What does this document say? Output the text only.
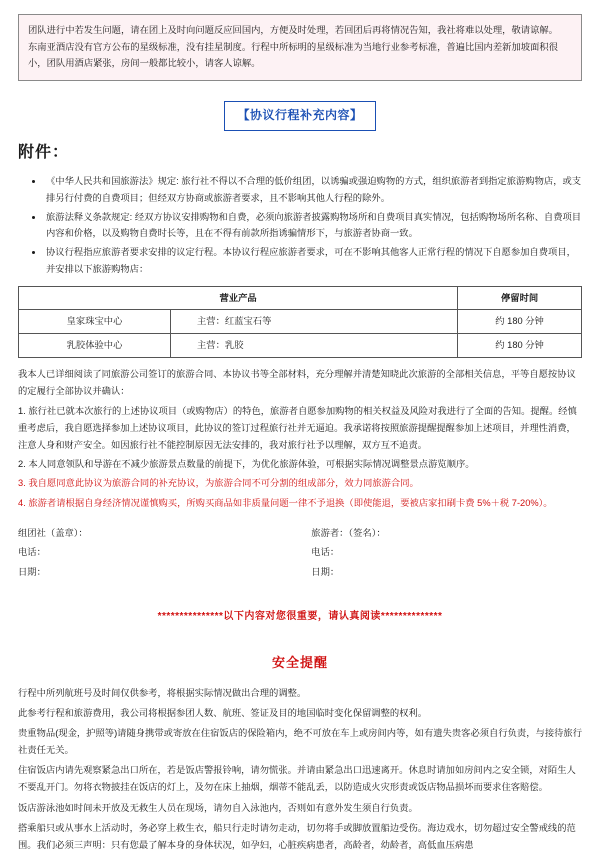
团队进行中若发生问题，请在团上及时向问题反应回国内，方便及时处理，若回团后再将情况告知，我社将难以处理，敬请谅解。

东南亚酒店没有官方公布的星级标准，没有挂星制度。行程中所标明的星级标准为当地行业参考标准，普遍比国内差新加坡面积很小，团队用酒店紧张，房间一般都比较小，请客人谅解。

【协议行程补充内容】
附件：
• 《中华人民共和国旅游法》规定: 旅行社不得以不合理的低价组团，以诱骗或强迫购物的方式，组织旅游者到指定旅游购物店，或支排另行付费的自费项目；但经双方协商或旅游者要求，且不影响其他人行程的除外。
• 旅游法释义条款规定: 经双方协议安排购物和自费，必须向旅游者披露购物场所和自费项目真实情况，包括购物场所名称、自费项目内容和价格，以及购物自费时长等，且在不得有前款所指诱骗情形下，与旅游者协商一致。
• 协议行程指应旅游者要求安排的议定行程。本协议行程应旅游者要求，可在不影响其他客人正常行程的情况下自愿参加自费项目，并安排以下旅游购物店：
营业产品		停留时间
皇家珠宝中心	主营：红蓝宝石等	约 180 分钟
乳胶体验中心	主营：乳胶	约 180 分钟

我本人已详细阅读了同旅游公司签订的旅游合同、本协议书等全部材料，充分理解并清楚知晓此次旅游的全部相关信息，平等自愿按协议的定履行全部协议并确认：

1. 旅行社已就本次旅行的上述协议项目（或购物店）的特色，旅游者自愿参加购物的相关权益及风险对我进行了全面的告知。提醒。经慎重考虑后，我自愿选择参加上述协议项目，此协议的签订过程旅行社并无逼迫。我承诺将按照旅游提醒提醒参加上述项目，并理性消费，注意人身和财产安全。如因旅行社不能控制原因无法安排的，我对旅行社予以理解，双方互不追责。

2. 本人同意领队和导游在不减少旅游景点数量的前提下，为优化旅游体验，可根据实际情况调整景点游览顺序。

3. 我自愿同意此协议为旅游合同的补充协议，为旅游合同不可分割的组成部分，效力同旅游合同。

4. 旅游者请根据自身经济情况谨慎购买，所购买商品如非质量问题一律不予退换（即使能退，要被店家扣刷卡费 5%＋税 7-20%）。

组团社（盖章）：	旅游者：（签名）：
电话：	电话：
日期：	日期：
***************以下内容对您很重要，请认真阅读**************
安全提醒

行程中所列航班号及时间仅供参考，将根据实际情况做出合理的调整。

此参考行程和旅游费用，我公司将根据参团人数、航班、签证及目的地国临时变化保留调整的权利。

贵重物品(现金，护照等)请随身携带或寄放在住宿饭店的保险箱内，绝不可放在车上或房间内等，如有遗失贵客必须自行负责，与接待旅行社责任无关。

住宿饭店内请先观察紧急出口所在，若是饭店警报铃响，请勿慌张。并请由紧急出口迅速离开。休息时请加如房间内之安全锁，对陌生人不要乱开门。勿将衣物披挂在饭店的灯上，及勿在床上抽烟，烟蒂不能乱丢，以防造成火灾形责或饭店物品损坏而要求住客赔偿。

饭店游泳池如时间未开放及无救生人员在现场，请勿自入泳池内，否则如有意外发生须自行负责。

搭乘船只或从事水上活动时，务必穿上救生衣，船只行走时请勿走动，切勿将手或脚放置船边受伤。海边戏水，切勿超过安全警戒线的范围。我们必须三声明：只有您最了解本身的身体状况，如孕妇，心脏疾病患者，高龄者，幼龄者，高低血压病患
